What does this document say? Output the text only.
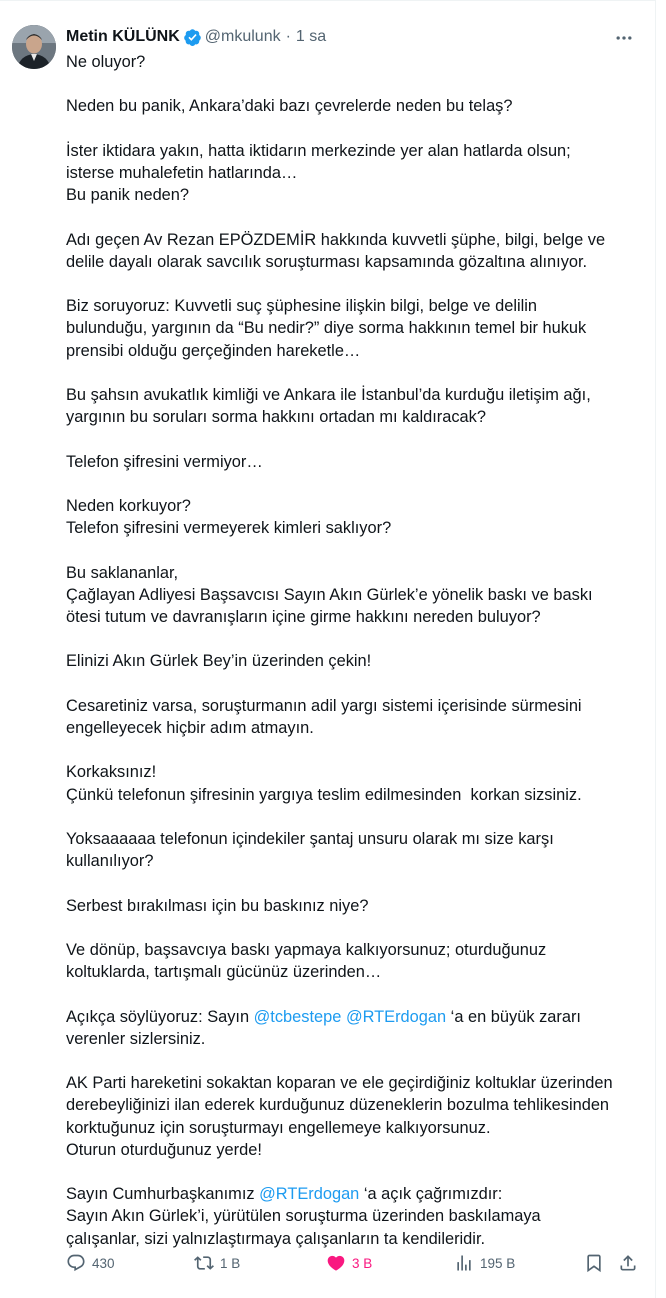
Metin KÜLÜNK @mkulunk · 1 sa
Ne oluyor?
Neden bu panik, Ankara’daki bazı çevrelerde neden bu telaş?
İster iktidara yakın, hatta iktidarın merkezinde yer alan hatlarda olsun;
isterse muhalefetin hatlarında…
Bu panik neden?
Adı geçen Av Rezan EPÖZDEMİR hakkında kuvvetli şüphe, bilgi, belge ve
delile dayalı olarak savcılık soruşturması kapsamında gözaltına alınıyor.
Biz soruyoruz: Kuvvetli suç şüphesine ilişkin bilgi, belge ve delilin
bulunduğu, yargının da “Bu nedir?” diye sorma hakkının temel bir hukuk
prensibi olduğu gerçeğinden hareketle…
Bu şahsın avukatlık kimliği ve Ankara ile İstanbul’da kurduğu iletişim ağı,
yargının bu soruları sorma hakkını ortadan mı kaldıracak?
Telefon şifresini vermiyor…
Neden korkuyor?
Telefon şifresini vermeyerek kimleri saklıyor?
Bu saklananlar,
Çağlayan Adliyesi Başsavcısı Sayın Akın Gürlek’e yönelik baskı ve baskı
ötesi tutum ve davranışların içine girme hakkını nereden buluyor?
Elinizi Akın Gürlek Bey’in üzerinden çekin!
Cesaretiniz varsa, soruşturmanın adil yargı sistemi içerisinde sürmesini
engelleyecek hiçbir adım atmayın.
Korkaksınız!
Çünkü telefonun şifresinin yargıya teslim edilmesinden  korkan sizsiniz.
Yoksaaaaaa telefonun içindekiler şantaj unsuru olarak mı size karşı
kullanılıyor?
Serbest bırakılması için bu baskınız niye?
Ve dönüp, başsavcıya baskı yapmaya kalkıyorsunuz; oturduğunuz
koltuklarda, tartışmalı gücünüz üzerinden…
Açıkça söylüyoruz: Sayın @tcbestepe @RTErdogan ‘a en büyük zararı
verenler sizlersiniz.
AK Parti hareketini sokaktan koparan ve ele geçirdiğiniz koltuklar üzerinden
derebeyliğinizi ilan ederek kurduğunuz düzeneklerin bozulma tehlikesinden
korktuğunuz için soruşturmayı engellemeye kalkıyorsunuz.
Oturun oturduğunuz yerde!
Sayın Cumhurbaşkanımız @RTErdogan ‘a açık çağrımızdır:
Sayın Akın Gürlek’i, yürütülen soruşturma üzerinden baskılamaya
çalışanlar, sizi yalnızlaştırmaya çalışanların ta kendileridir.
430	1 B	3 B	195 B
